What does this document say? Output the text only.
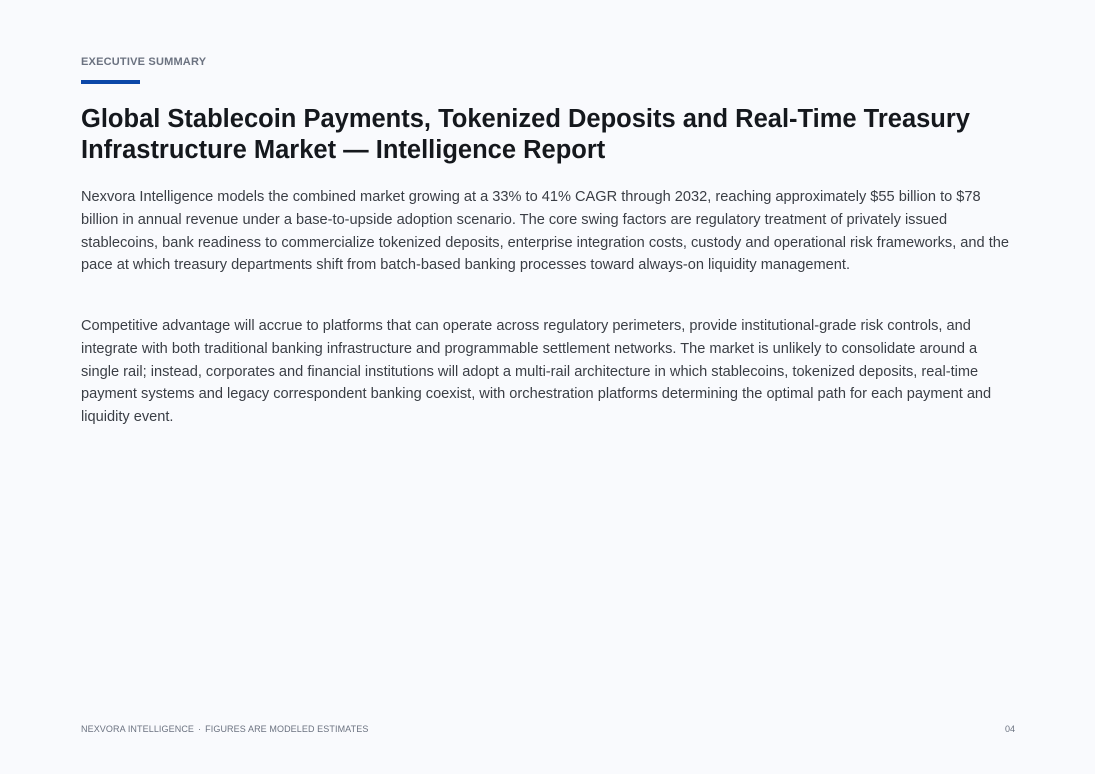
EXECUTIVE SUMMARY
Global Stablecoin Payments, Tokenized Deposits and Real-Time Treasury Infrastructure Market — Intelligence Report

Nexvora Intelligence models the combined market growing at a 33% to 41% CAGR through 2032, reaching approximately $55 billion to $78 billion in annual revenue under a base-to-upside adoption scenario. The core swing factors are regulatory treatment of privately issued stablecoins, bank readiness to commercialize tokenized deposits, enterprise integration costs, custody and operational risk frameworks, and the pace at which treasury departments shift from batch-based banking processes toward always-on liquidity management.

Competitive advantage will accrue to platforms that can operate across regulatory perimeters, provide institutional-grade risk controls, and integrate with both traditional banking infrastructure and programmable settlement networks. The market is unlikely to consolidate around a single rail; instead, corporates and financial institutions will adopt a multi-rail architecture in which stablecoins, tokenized deposits, real-time payment systems and legacy correspondent banking coexist, with orchestration platforms determining the optimal path for each payment and liquidity event.

NEXVORA INTELLIGENCE · FIGURES ARE MODELED ESTIMATES	04
